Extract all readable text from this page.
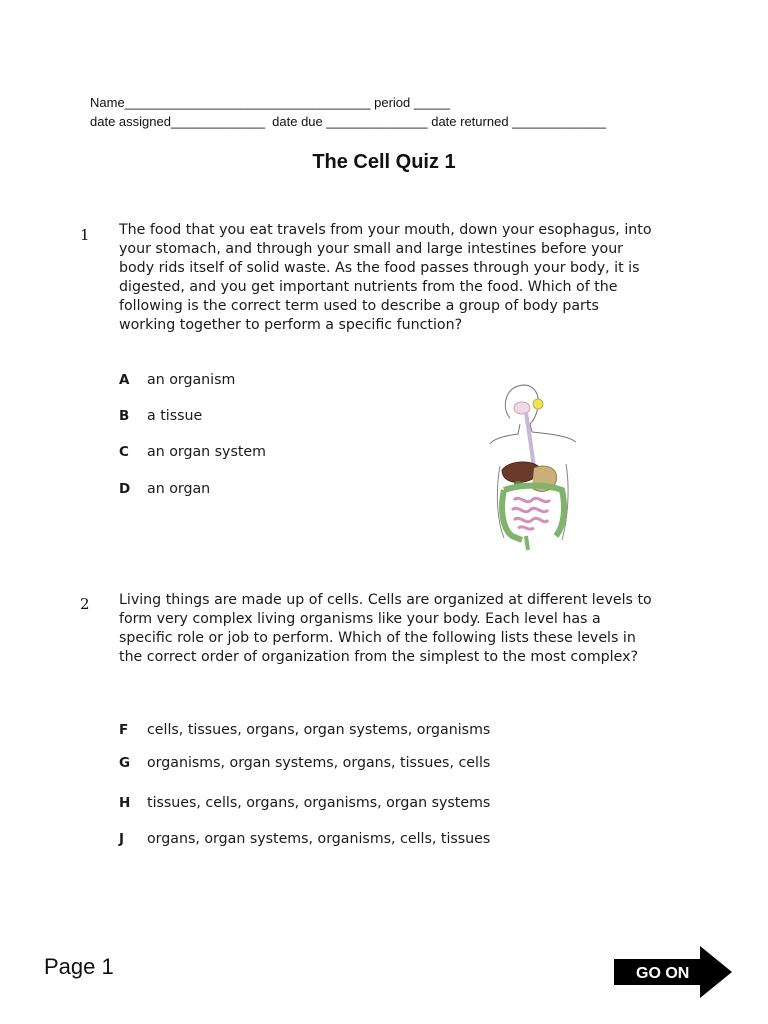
Name__________________________________ period _____
date assigned_____________  date due ______________ date returned _____________
The Cell Quiz 1
1 The food that you eat travels from your mouth, down your esophagus, into
your stomach, and through your small and large intestines before your
body rids itself of solid waste. As the food passes through your body, it is
digested, and you get important nutrients from the food. Which of the
following is the correct term used to describe a group of body parts
working together to perform a specific function?
A an organism
B a tissue
C an organ system
D an organ
2 Living things are made up of cells. Cells are organized at different levels to
form very complex living organisms like your body. Each level has a
specific role or job to perform. Which of the following lists these levels in
the correct order of organization from the simplest to the most complex?
F cells, tissues, organs, organ systems, organisms
G organisms, organ systems, organs, tissues, cells
H tissues, cells, organs, organisms, organ systems
J organs, organ systems, organisms, cells, tissues
Page 1	GO ON
